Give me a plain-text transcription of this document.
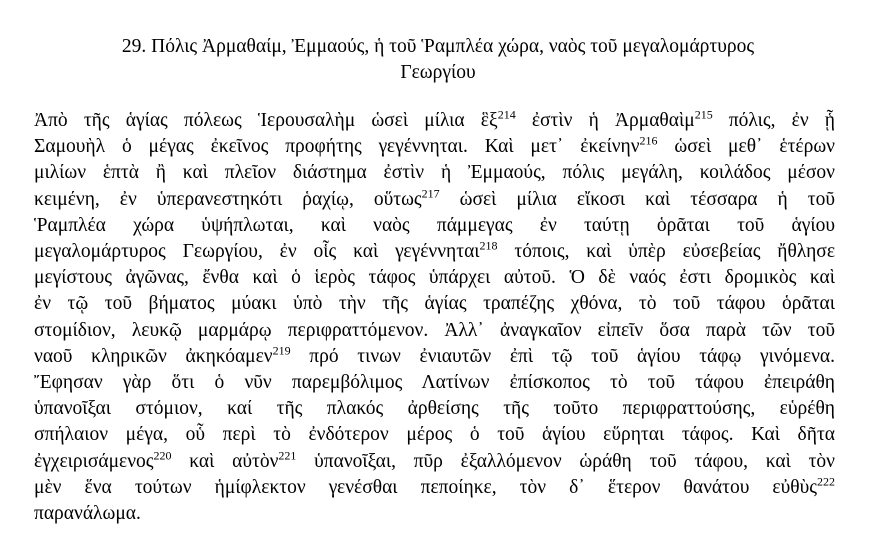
29. Πόλις Ἀρμαθαίμ, Ἐμμαούς, ἡ τοῦ Ῥαμπλέα χώρα, ναὸς τοῦ μεγαλομάρτυρος
Γεωργίου
Ἀπὸ τῆς ἁγίας πόλεως Ἱερουσαλὴμ ὡσεὶ μίλια ἓξ$^{214}$ ἐστὶν ἡ Ἀρμαθαὶμ$^{215}$ πόλις, ἐν ᾗ
Σαμουὴλ ὁ μέγας ἐκεῖνος προφήτης γεγέννηται. Καὶ μετ᾽ ἐκείνην$^{216}$ ὡσεὶ μεθ᾽ ἑτέρων
μιλίων ἑπτὰ ἢ καὶ πλεῖον διάστημα ἐστὶν ἡ Ἐμμαούς, πόλις μεγάλη, κοιλάδος μέσον
κειμένη, ἐν ὑπερανεστηκότι ῥαχίῳ, οὕτως$^{217}$ ὡσεὶ μίλια εἴκοσι καὶ τέσσαρα ἡ τοῦ
Ῥαμπλέα χώρα ὑψήπλωται, καὶ ναὸς πάμμεγας ἐν ταύτῃ ὁρᾶται τοῦ ἁγίου
μεγαλομάρτυρος Γεωργίου, ἐν οἷς καὶ γεγέννηται$^{218}$ τόποις, καὶ ὑπὲρ εὐσεβείας ἤθλησε
μεγίστους ἀγῶνας, ἔνθα καὶ ὁ ἱερὸς τάφος ὑπάρχει αὐτοῦ. Ὁ δὲ ναός ἐστι δρομικὸς καὶ
ἐν τῷ τοῦ βήματος μύακι ὑπὸ τὴν τῆς ἁγίας τραπέζης χθόνα, τὸ τοῦ τάφου ὁρᾶται
στομίδιον, λευκῷ μαρμάρῳ περιφραττόμενον. Ἀλλ᾽ ἀναγκαῖον εἰπεῖν ὅσα παρὰ τῶν τοῦ
ναοῦ κληρικῶν ἀκηκόαμεν$^{219}$ πρό τινων ἐνιαυτῶν ἐπὶ τῷ τοῦ ἁγίου τάφῳ γινόμενα.
Ἔφησαν γὰρ ὅτι ὁ νῦν παρεμβόλιμος Λατίνων ἐπίσκοπος τὸ τοῦ τάφου ἐπειράθη
ὑπανοῖξαι στόμιον, καί τῆς πλακός ἀρθείσης τῆς τοῦτο περιφραττούσης, εὑρέθη
σπήλαιον μέγα, οὗ περὶ τὸ ἐνδότερον μέρος ὁ τοῦ ἁγίου εὕρηται τάφος. Καὶ δῆτα
ἐγχειρισάμενος$^{220}$ καὶ αὐτὸν$^{221}$ ὑπανοῖξαι, πῦρ ἐξαλλόμενον ὡράθη τοῦ τάφου, καὶ τὸν
μὲν ἕνα τούτων ἡμίφλεκτον γενέσθαι πεποίηκε, τὸν δ᾽ ἕτερον θανάτου εὐθὺς$^{222}$
παρανάλωμα.
